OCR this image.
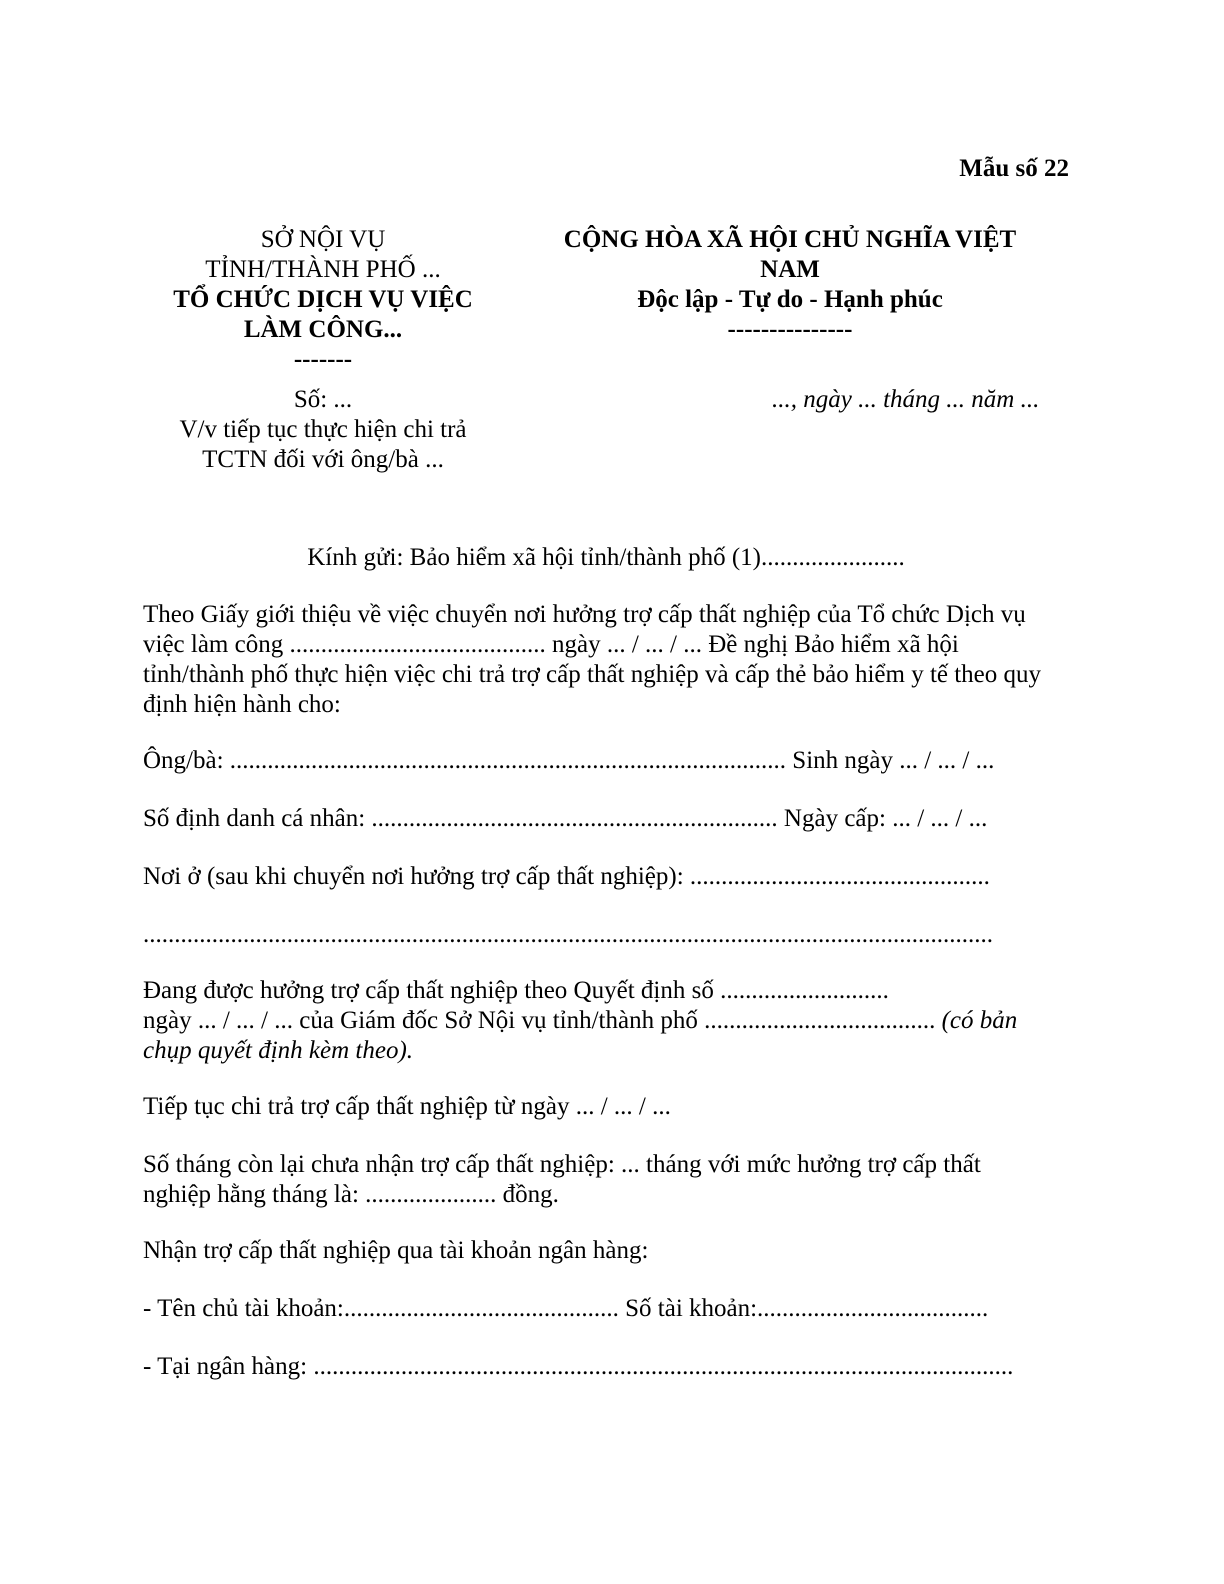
Mẫu số 22
SỞ NỘI VỤ
TỈNH/THÀNH PHỐ ...
TỔ CHỨC DỊCH VỤ VIỆC
LÀM CÔNG...
-------
CỘNG HÒA XÃ HỘI CHỦ NGHĨA VIỆT
NAM
Độc lập - Tự do - Hạnh phúc
---------------
Số: ...
V/v tiếp tục thực hiện chi trả
TCTN đối với ông/bà ...
..., ngày ... tháng ... năm ...
Kính gửi: Bảo hiểm xã hội tỉnh/thành phố (1).......................
Theo Giấy giới thiệu về việc chuyển nơi hưởng trợ cấp thất nghiệp của Tổ chức Dịch vụ
việc làm công ......................................... ngày ... / ... / ... Đề nghị Bảo hiểm xã hội
tỉnh/thành phố thực hiện việc chi trả trợ cấp thất nghiệp và cấp thẻ bảo hiểm y tế theo quy
định hiện hành cho:
Ông/bà: ......................................................................................... Sinh ngày ... / ... / ...
Số định danh cá nhân: ................................................................. Ngày cấp: ... / ... / ...
Nơi ở (sau khi chuyển nơi hưởng trợ cấp thất nghiệp): ................................................
........................................................................................................................................
Đang được hưởng trợ cấp thất nghiệp theo Quyết định số ...........................
ngày ... / ... / ... của Giám đốc Sở Nội vụ tỉnh/thành phố ..................................... (có bản
chụp quyết định kèm theo).
Tiếp tục chi trả trợ cấp thất nghiệp từ ngày ... / ... / ...
Số tháng còn lại chưa nhận trợ cấp thất nghiệp: ... tháng với mức hưởng trợ cấp thất
nghiệp hằng tháng là: ..................... đồng.
Nhận trợ cấp thất nghiệp qua tài khoản ngân hàng:
- Tên chủ tài khoản:............................................ Số tài khoản:.....................................
- Tại ngân hàng: ................................................................................................................
